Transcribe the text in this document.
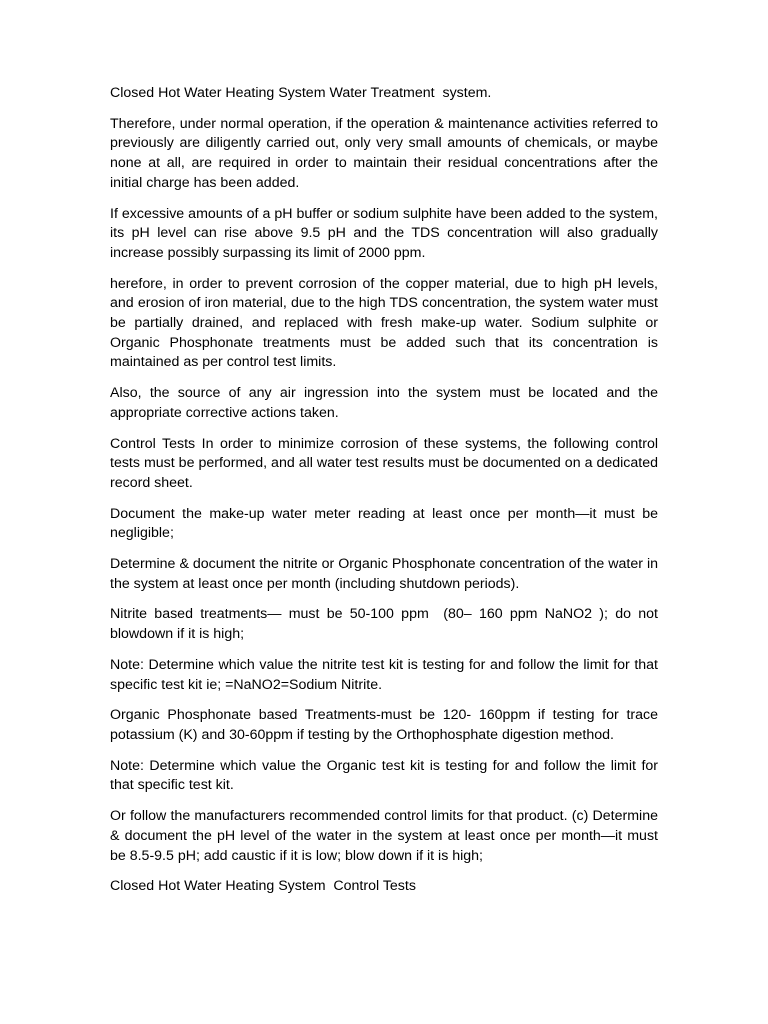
Closed Hot Water Heating System Water Treatment  system.

Therefore, under normal operation, if the operation & maintenance activities referred to previously are diligently carried out, only very small amounts of chemicals, or maybe none at all, are required in order to maintain their residual concentrations after the initial charge has been added.

If excessive amounts of a pH buffer or sodium sulphite have been added to the system, its pH level can rise above 9.5 pH and the TDS concentration will also gradually increase possibly surpassing its limit of 2000 ppm.

herefore, in order to prevent corrosion of the copper material, due to high pH levels, and erosion of iron material, due to the high TDS concentration, the system water must be partially drained, and replaced with fresh make-up water. Sodium sulphite or Organic Phosphonate treatments must be added such that its concentration is maintained as per control test limits.

Also, the source of any air ingression into the system must be located and the appropriate corrective actions taken.

Control Tests In order to minimize corrosion of these systems, the following control tests must be performed, and all water test results must be documented on a dedicated record sheet.

Document the make-up water meter reading at least once per month—it must be negligible;

Determine & document the nitrite or Organic Phosphonate concentration of the water in the system at least once per month (including shutdown periods).

Nitrite based treatments— must be 50-100 ppm  (80– 160 ppm NaNO2 ); do not blowdown if it is high;

Note: Determine which value the nitrite test kit is testing for and follow the limit for that specific test kit ie; =NaNO2=Sodium Nitrite.

Organic Phosphonate based Treatments-must be 120- 160ppm if testing for trace potassium (K) and 30-60ppm if testing by the Orthophosphate digestion method.

Note: Determine which value the Organic test kit is testing for and follow the limit for that specific test kit.

Or follow the manufacturers recommended control limits for that product. (c) Determine & document the pH level of the water in the system at least once per month—it must be 8.5-9.5 pH; add caustic if it is low; blow down if it is high;

Closed Hot Water Heating System  Control Tests
